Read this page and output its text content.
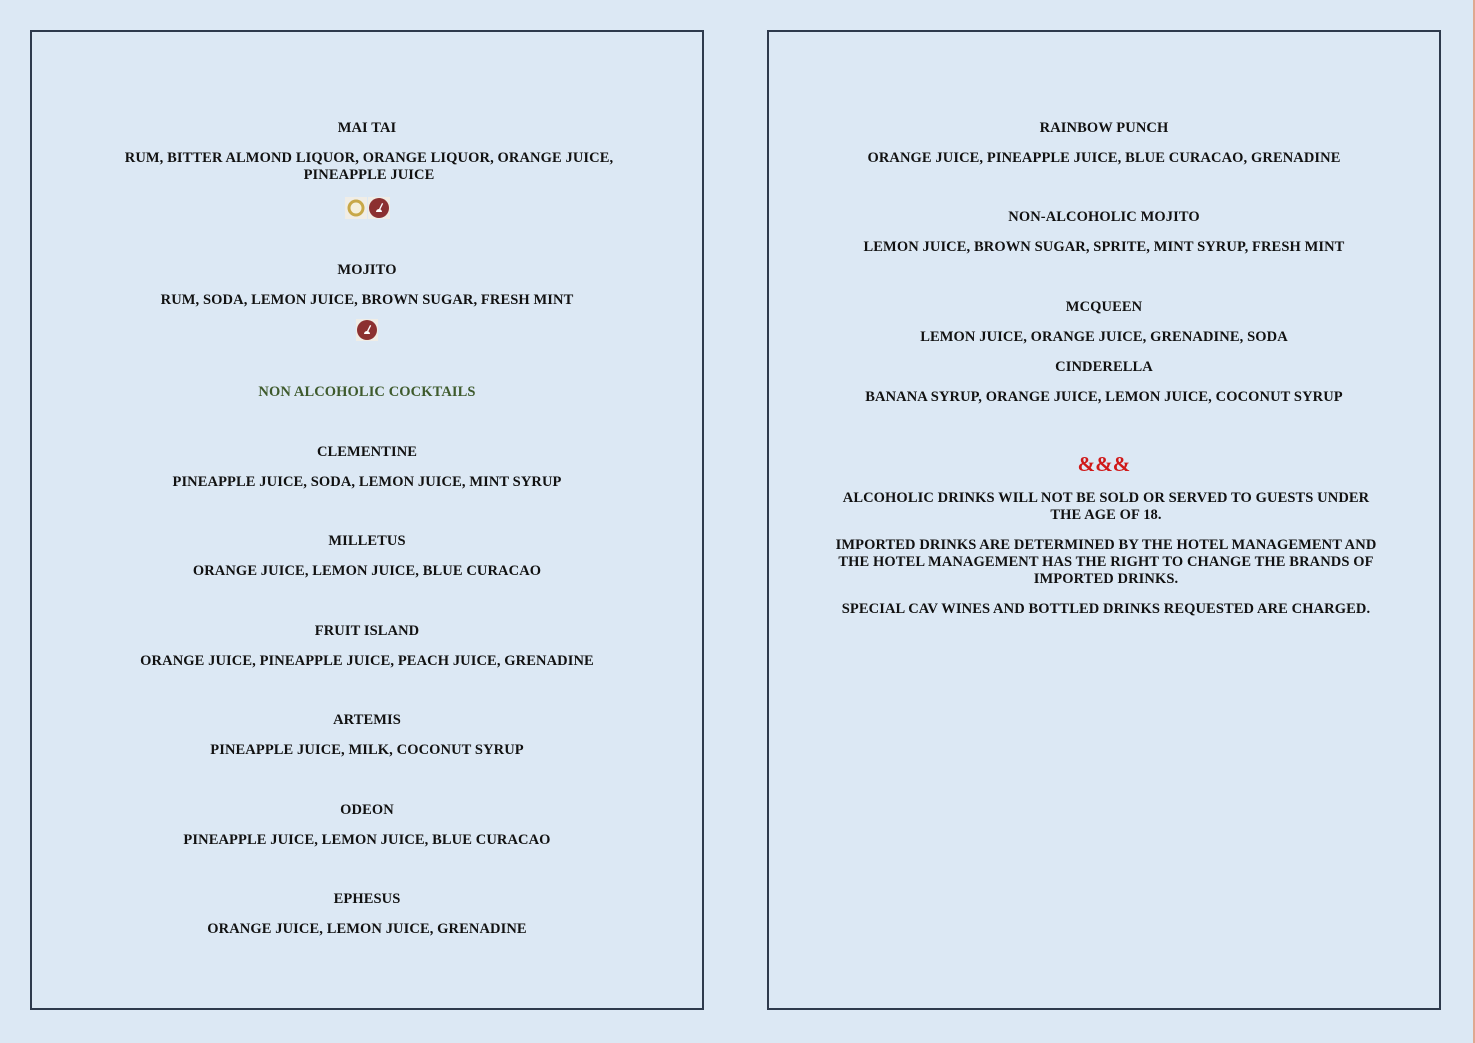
MAI TAI
RUM, BITTER ALMOND LIQUOR, ORANGE LIQUOR, ORANGE JUICE, PINEAPPLE JUICE
MOJITO
RUM, SODA, LEMON JUICE, BROWN SUGAR, FRESH MINT
NON ALCOHOLIC COCKTAILS
CLEMENTINE
PINEAPPLE JUICE, SODA, LEMON JUICE, MINT SYRUP
MILLETUS
ORANGE JUICE, LEMON JUICE, BLUE CURACAO
FRUIT ISLAND
ORANGE JUICE, PINEAPPLE JUICE, PEACH JUICE, GRENADINE
ARTEMIS
PINEAPPLE JUICE, MILK, COCONUT SYRUP
ODEON
PINEAPPLE JUICE, LEMON JUICE, BLUE CURACAO
EPHESUS
ORANGE JUICE, LEMON JUICE, GRENADINE
RAINBOW PUNCH
ORANGE JUICE, PINEAPPLE JUICE, BLUE CURACAO, GRENADINE
NON-ALCOHOLIC MOJITO
LEMON JUICE, BROWN SUGAR, SPRITE, MINT SYRUP, FRESH MINT
MCQUEEN
LEMON JUICE, ORANGE JUICE, GRENADINE, SODA
CINDERELLA
BANANA SYRUP, ORANGE JUICE, LEMON JUICE, COCONUT SYRUP
&&&
ALCOHOLIC DRINKS WILL NOT BE SOLD OR SERVED TO GUESTS UNDER THE AGE OF 18.
IMPORTED DRINKS ARE DETERMINED BY THE HOTEL MANAGEMENT AND THE HOTEL MANAGEMENT HAS THE RIGHT TO CHANGE THE BRANDS OF IMPORTED DRINKS.
SPECIAL CAV WINES AND BOTTLED DRINKS REQUESTED ARE CHARGED.
